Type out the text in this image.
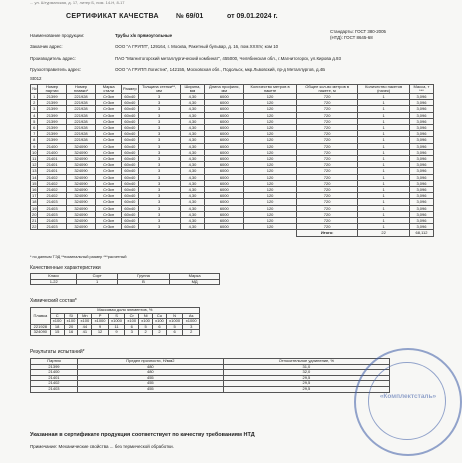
... ул. Штурманская, д. 17, литер Б, пом. 14-Н, 8-17
СЕРТИФИКАТ КАЧЕСТВА № 69/01	от 09.01.2024 г.
Стандарты: ГОСТ 380-2005
(НТД): ГОСТ 8645-68
Наименование продукции:	Трубы х/к прямоугольные
Заказчик адрес:	ООО "А ГРУПП", 129164, г. Москва, Ракетный бульвар, д. 16, пом.XXXIV, ком 10
Производитель адрес:	ПАО "Магнитогорский металлургический комбинат", 455000, Челябинская обл., г.Магнитогорск, ул.Кирова д.93
Грузоотправитель адрес:	ООО "А ГРУПП Логистик", 142155, Московская обл., Подольск, мкр.Львовский, пр-д Металлургов, д.4Б
St012
№	Номер партии	Номер плавки*	Марка стали	Размер	Толщина стенки**, мм	Ширина, мм	Длина профиля, мм	Количество метров в пакете	Общее кол-во метров в пакете, м	Количество пакетов (пачек)	Масса, т ***
1	21399	221928	Ст3сп	60х40	3	4,30	6000	120	720	1	3,096
2	21399	221928	Ст3сп	60х40	3	4,30	6000	120	720	1	3,096
3	21399	221928	Ст3сп	60х40	3	4,30	6000	120	720	1	3,096
4	21399	221928	Ст3сп	60х40	3	4,30	6000	120	720	1	3,096
5	21399	221928	Ст3сп	60х40	3	4,30	6000	120	720	1	3,096
6	21399	221928	Ст3сп	60х40	3	4,30	6000	120	720	1	3,096
7	21399	221928	Ст3сп	60х40	3	4,30	6000	120	720	1	3,096
8	21399	221928	Ст3сп	60х40	3	4,30	6000	120	720	1	3,096
9	21400	324090	Ст3сп	60х40	3	4,30	6000	120	720	1	3,096
10	21400	324090	Ст3сп	60х40	3	4,30	6000	120	720	1	3,096
11	21401	324090	Ст3сп	60х40	3	4,30	6000	120	720	1	3,096
12	21401	324090	Ст3сп	60х40	3	4,30	6000	120	720	1	3,096
13	21401	324090	Ст3сп	60х40	3	4,30	6000	120	720	1	3,096
14	21402	324090	Ст3сп	60х40	3	4,30	6000	120	720	1	3,096
15	21402	324090	Ст3сп	60х40	3	4,30	6000	120	720	1	3,096
16	21402	324090	Ст3сп	60х40	3	4,30	6000	120	720	1	3,096
17	21402	324090	Ст3сп	60х40	3	4,30	6000	120	720	1	3,096
18	21403	324090	Ст3сп	60х40	3	4,30	6000	120	720	1	3,096
19	21403	324090	Ст3сп	60х40	3	4,30	6000	120	720	1	3,096
20	21403	324090	Ст3сп	60х40	3	4,30	6000	120	720	1	3,096
21	21403	324090	Ст3сп	60х40	3	4,30	6000	120	720	1	3,096
22	21403	324090	Ст3сп	60х40	3	4,30	6000	120	720	1	3,096
									Итого:	22	68,112
* по данным ТЭД **номинальный размер ***расчетный
Качественные характеристики
Класс	Сорт	Группа	Марка
1-22	1	В	МД
Химический состав*
Плавка	Массовая доля элементов, %									
	C	Si	Mn	P	S	Cr	Ni	Cu	N	As
	x100	x100	x100	x1000	x1000	x100	x100	x100	x1000	x1000
221928	18	20	44	9	11	6	5	6	5	3
324090	15	16	41	12	9	3	2	2	6	2
Результаты испытаний*
Партия	Предел прочности, Н/мм2	Относительное удлинение, %
21399	480	31,0
21400	480	32,0
21401	455	29,5
21402	455	29,5
21403	455	29,5
«Комплектсталь»
Указанная в сертификате продукция соответствует по качеству требованиям НТД
Примечание: Механические свойства ... без термической обработки.
